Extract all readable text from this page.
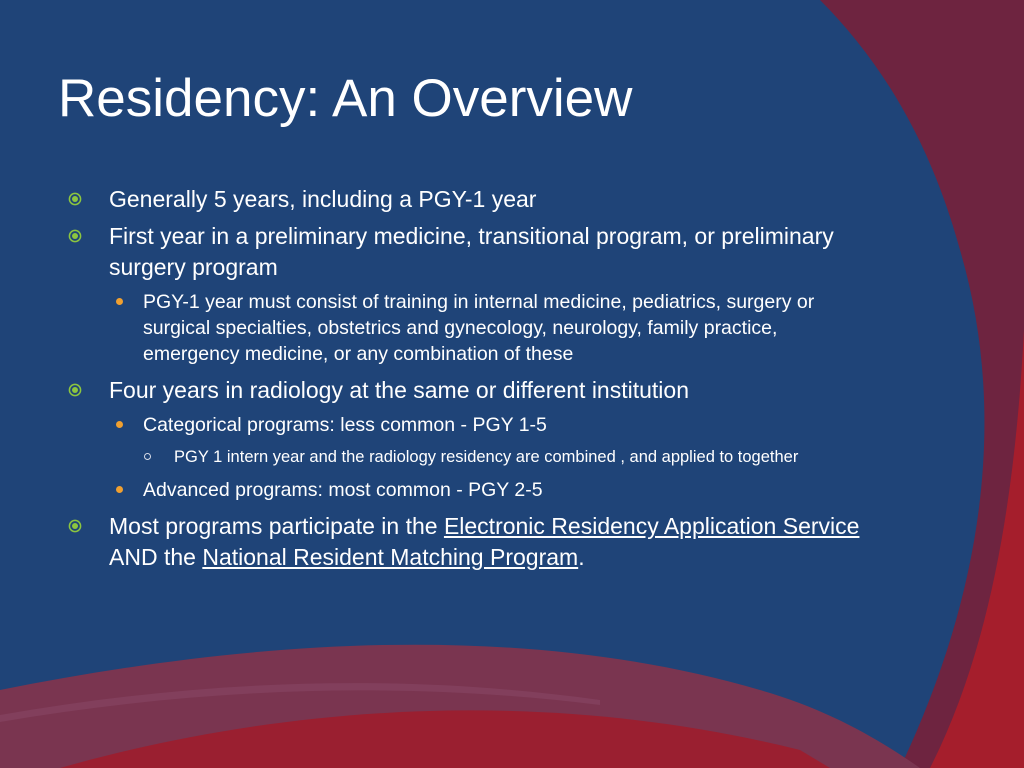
Residency: An Overview
Generally 5 years, including a PGY-1 year
First year in a preliminary medicine, transitional program, or preliminary surgery program
PGY-1 year must consist of training in internal medicine, pediatrics, surgery or surgical specialties, obstetrics and gynecology, neurology, family practice, emergency medicine, or any combination of these
Four years in radiology at the same or different institution
Categorical programs: less common - PGY 1-5
PGY 1 intern year and the radiology residency are combined , and applied to together
Advanced programs: most common - PGY 2-5
Most programs participate in the Electronic Residency Application Service AND the National Resident Matching Program.
